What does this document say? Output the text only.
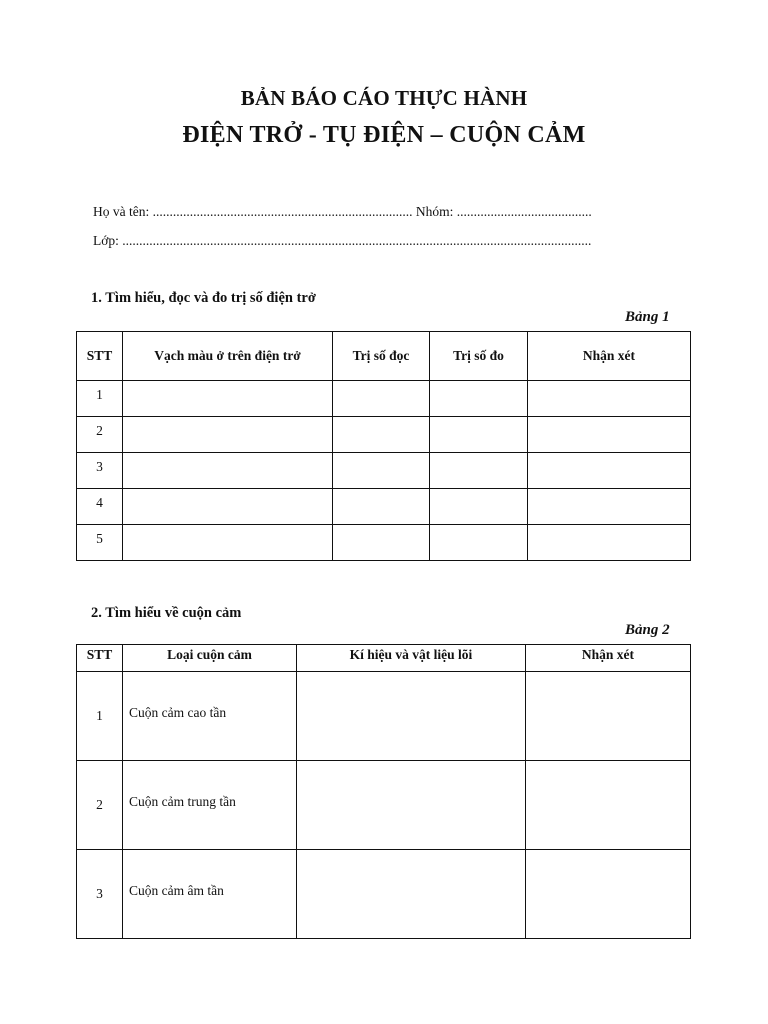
BẢN BÁO CÁO THỰC HÀNH
ĐIỆN TRỞ - TỤ ĐIỆN – CUỘN CẢM
Họ và tên: ............................................................................. Nhóm: ........................................
Lớp: ...........................................................................................................................................
1. Tìm hiểu, đọc và đo trị số điện trở
Bảng 1
STT	Vạch màu ở trên điện trở	Trị số đọc	Trị số đo	Nhận xét
1				
2				
3				
4				
5				
2. Tìm hiểu về cuộn cảm
Bảng 2
STT	Loại cuộn cảm	Kí hiệu và vật liệu lõi	Nhận xét
1	Cuộn cảm cao tần		
2	Cuộn cảm trung tần		
3	Cuộn cảm âm tần		
